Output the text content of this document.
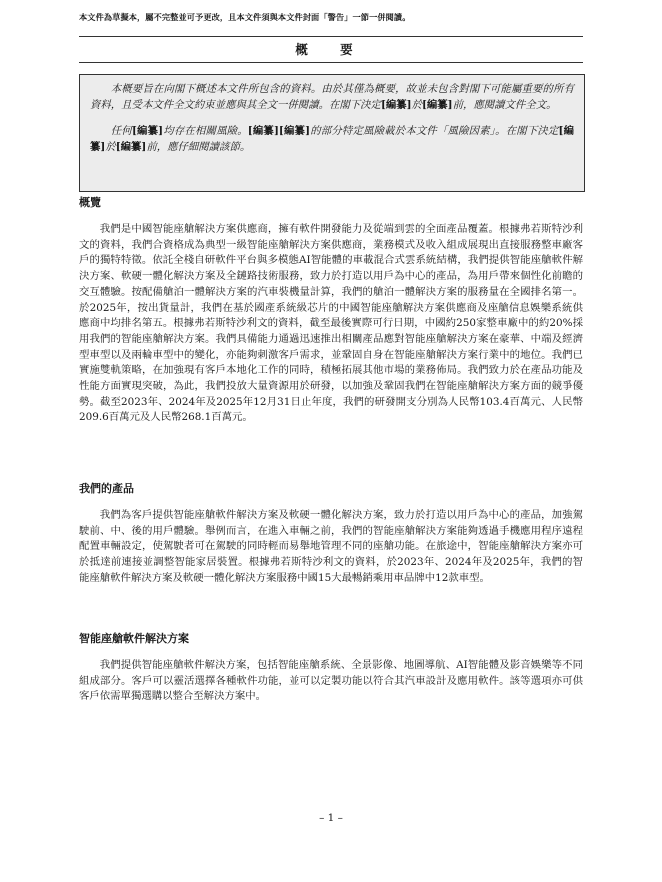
本文件為草擬本，屬不完整並可予更改，且本文件須與本文件封面「警告」一節一併閱讀。
概 要

本概要旨在向閣下概述本文件所包含的資料。由於其僅為概要，故並未包含對閣下可能屬重要的所有資料，且受本文件全文約束並應與其全文一併閱讀。在閣下決定[編纂]於[編纂]前，應閱讀文件全文。

任何[編纂]均存在相關風險。[編纂][編纂]的部分特定風險載於本文件「風險因素」。在閣下決定[編纂]於[編纂]前，應仔細閱讀該節。

概覽

我們是中國智能座艙解決方案供應商，擁有軟件開發能力及從端到雲的全面產品覆蓋。根據弗若斯特沙利文的資料，我們合資格成為典型一級智能座艙解決方案供應商，業務模式及收入組成展現出直接服務整車廠客戶的獨特特徵。依託全棧自研軟件平台與多模態AI智能體的車載混合式雲系統結構，我們提供智能座艙軟件解決方案、軟硬一體化解決方案及全鏈路技術服務，致力於打造以用戶為中心的產品，為用戶帶來個性化前瞻的交互體驗。按配備艙泊一體解決方案的汽車裝機量計算，我們的艙泊一體解決方案的服務量在全國排名第一。於2025年，按出貨量計，我們在基於國產系統級芯片的中國智能座艙解決方案供應商及座艙信息娛樂系統供應商中均排名第五。根據弗若斯特沙利文的資料，截至最後實際可行日期，中國約250家整車廠中的約20%採用我們的智能座艙解決方案。我們具備能力通過迅速推出相關產品應對智能座艙解決方案在豪華、中端及經濟型車型以及兩輪車型中的變化，亦能夠刺激客戶需求，並鞏固自身在智能座艙解決方案行業中的地位。我們已實施雙軌策略，在加強現有客戶本地化工作的同時，積極拓展其他市場的業務佈局。我們致力於在產品功能及性能方面實現突破，為此，我們投放大量資源用於研發，以加強及鞏固我們在智能座艙解決方案方面的競爭優勢。截至2023年、2024年及2025年12月31日止年度，我們的研發開支分別為人民幣103.4百萬元、人民幣209.6百萬元及人民幣268.1百萬元。

我們的產品

我們為客戶提供智能座艙軟件解決方案及軟硬一體化解決方案，致力於打造以用戶為中心的產品，加強駕駛前、中、後的用戶體驗。舉例而言，在進入車輛之前，我們的智能座艙解決方案能夠透過手機應用程序遠程配置車輛設定，使駕駛者可在駕駛的同時輕而易舉地管理不同的座艙功能。在旅途中，智能座艙解決方案亦可於抵達前連接並調整智能家居裝置。根據弗若斯特沙利文的資料，於2023年、2024年及2025年，我們的智能座艙軟件解決方案及軟硬一體化解決方案服務中國15大最暢銷乘用車品牌中12款車型。

智能座艙軟件解決方案

我們提供智能座艙軟件解決方案，包括智能座艙系統、全景影像、地圖導航、AI智能體及影音娛樂等不同組成部分。客戶可以靈活選擇各種軟件功能，並可以定製功能以符合其汽車設計及應用軟件。該等選項亦可供客戶依需單獨選購以整合至解決方案中。

– 1 –
